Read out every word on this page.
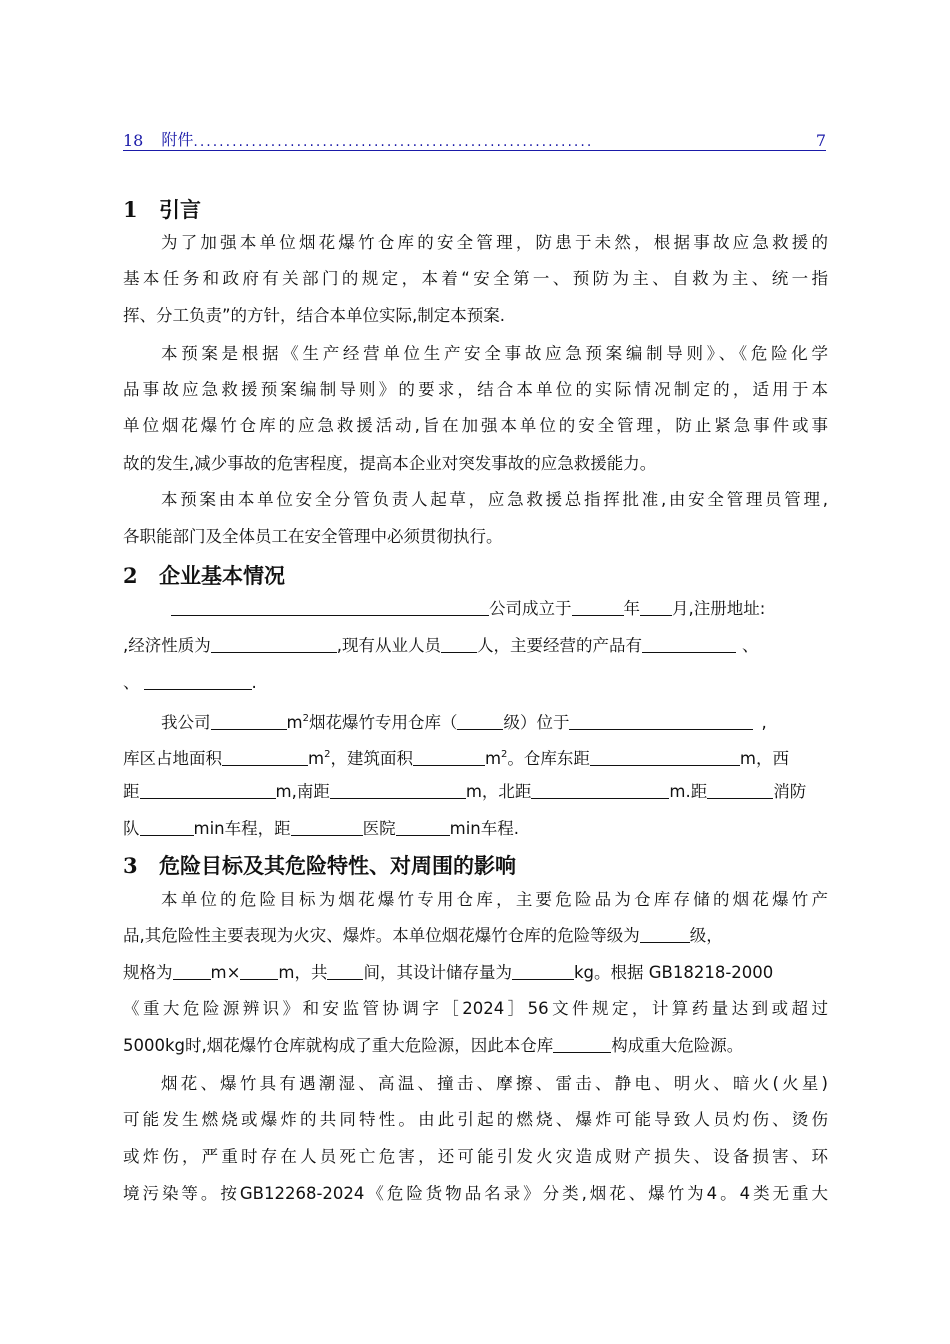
18 附件 ..............................................................	7
1 引言
为了加强本单位烟花爆竹仓库的安全管理，防患于未然，根据事故应急救援的
基本任务和政府有关部门的规定，本着“安全第一、预防为主、自救为主、统一指
挥、分工负责”的方针，结合本单位实际,制定本预案.
本预案是根据《生产经营单位生产安全事故应急预案编制导则》、《危险化学
品事故应急救援预案编制导则》的要求，结合本单位的实际情况制定的，适用于本
单位烟花爆竹仓库的应急救援活动,旨在加强本单位的安全管理，防止紧急事件或事
故的发生,减少事故的危害程度，提高本企业对突发事故的应急救援能力。
本预案由本单位安全分管负责人起草，应急救援总指挥批准,由安全管理员管理,
各职能部门及全体员工在安全管理中必须贯彻执行。
2 企业基本情况
公司成立于	年 月,注册地址:
,经济性质为	,现有从业人员 人，主要经营的产品有	、
、	.
我公司	$m^2$烟花爆竹专用仓库（	级）位于	,
库区占地面积	$m^2$，建筑面积	$m^2$。仓库东距	m，西
距	m,南距	m，北距	m.距	消防
队	min车程，距	医院	min车程.
3 危险目标及其危险特性、对周围的影响
本单位的危险目标为烟花爆竹专用仓库，主要危险品为仓库存储的烟花爆竹产
品,其危险性主要表现为火灾、爆炸。本单位烟花爆竹仓库的危险等级为	级，
规格为 m× m，共 间，其设计储存量为	kg。根据 GB18218-2000
《重大危险源辨识》和安监管协调字［2024］56文件规定，计算药量达到或超过
5000kg时,烟花爆竹仓库就构成了重大危险源，因此本仓库	构成重大危险源。
烟花、爆竹具有遇潮湿、高温、撞击、摩擦、雷击、静电、明火、暗火(火星)
可能发生燃烧或爆炸的共同特性。由此引起的燃烧、爆炸可能导致人员灼伤、烫伤
或炸伤，严重时存在人员死亡危害，还可能引发火灾造成财产损失、设备损害、环
境污染等。按GB12268-2024《危险货物品名录》分类,烟花、爆竹为4。4类无重大
